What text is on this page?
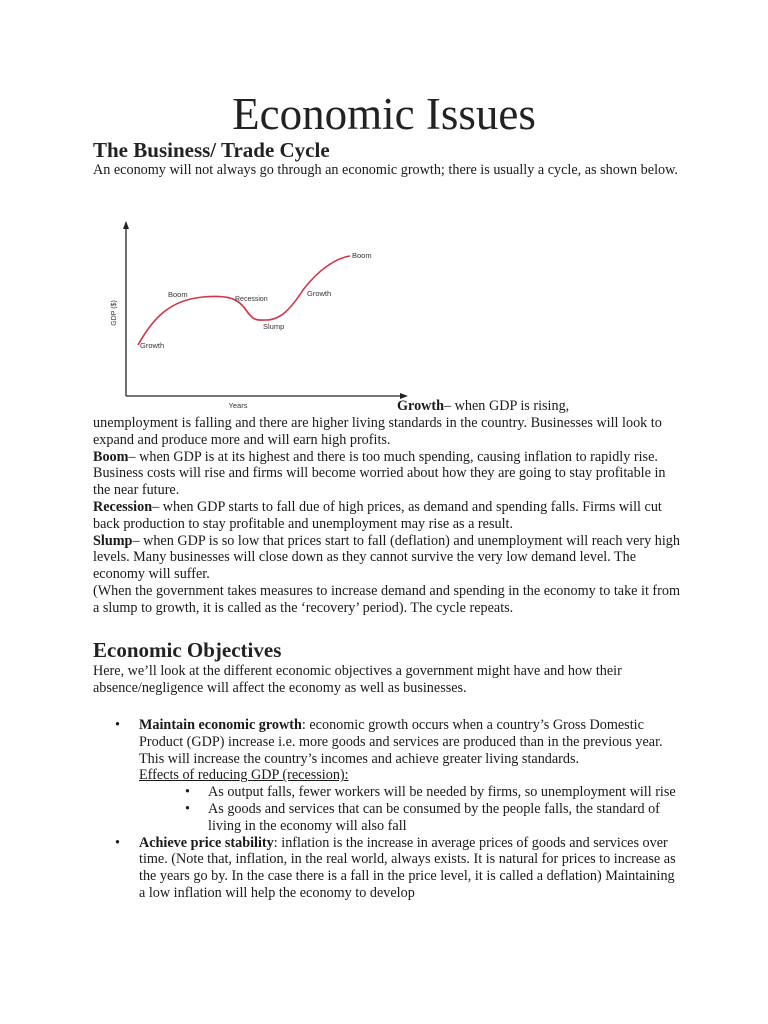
Economic Issues
The Business/ Trade Cycle
An economy will not always go through an economic growth; there is usually a cycle, as shown below.
GDP ($)
Years
Growth
Boom
Recession
Slump
Growth
Boom
Growth– when GDP is rising,
unemployment is falling and there are higher living standards in the country. Businesses will look to expand and produce more and will earn high profits.
Boom– when GDP is at its highest and there is too much spending, causing inflation to rapidly rise. Business costs will rise and firms will become worried about how they are going to stay profitable in the near future.
Recession– when GDP starts to fall due of high prices, as demand and spending falls. Firms will cut back production to stay profitable and unemployment may rise as a result.
Slump– when GDP is so low that prices start to fall (deflation) and unemployment will reach very high levels. Many businesses will close down as they cannot survive the very low demand level. The economy will suffer.
(When the government takes measures to increase demand and spending in the economy to take it from a slump to growth, it is called as the ‘recovery’ period). The cycle repeats.
Economic Objectives
Here, we’ll look at the different economic objectives a government might have and how their absence/negligence will affect the economy as well as businesses.
• Maintain economic growth: economic growth occurs when a country’s Gross Domestic Product (GDP) increase i.e. more goods and services are produced than in the previous year. This will increase the country’s incomes and achieve greater living standards.
Effects of reducing GDP (recession):
• As output falls, fewer workers will be needed by firms, so unemployment will rise
• As goods and services that can be consumed by the people falls, the standard of living in the economy will also fall
• Achieve price stability: inflation is the increase in average prices of goods and services over time. (Note that, inflation, in the real world, always exists. It is natural for prices to increase as the years go by. In the case there is a fall in the price level, it is called a deflation) Maintaining a low inflation will help the economy to develop
